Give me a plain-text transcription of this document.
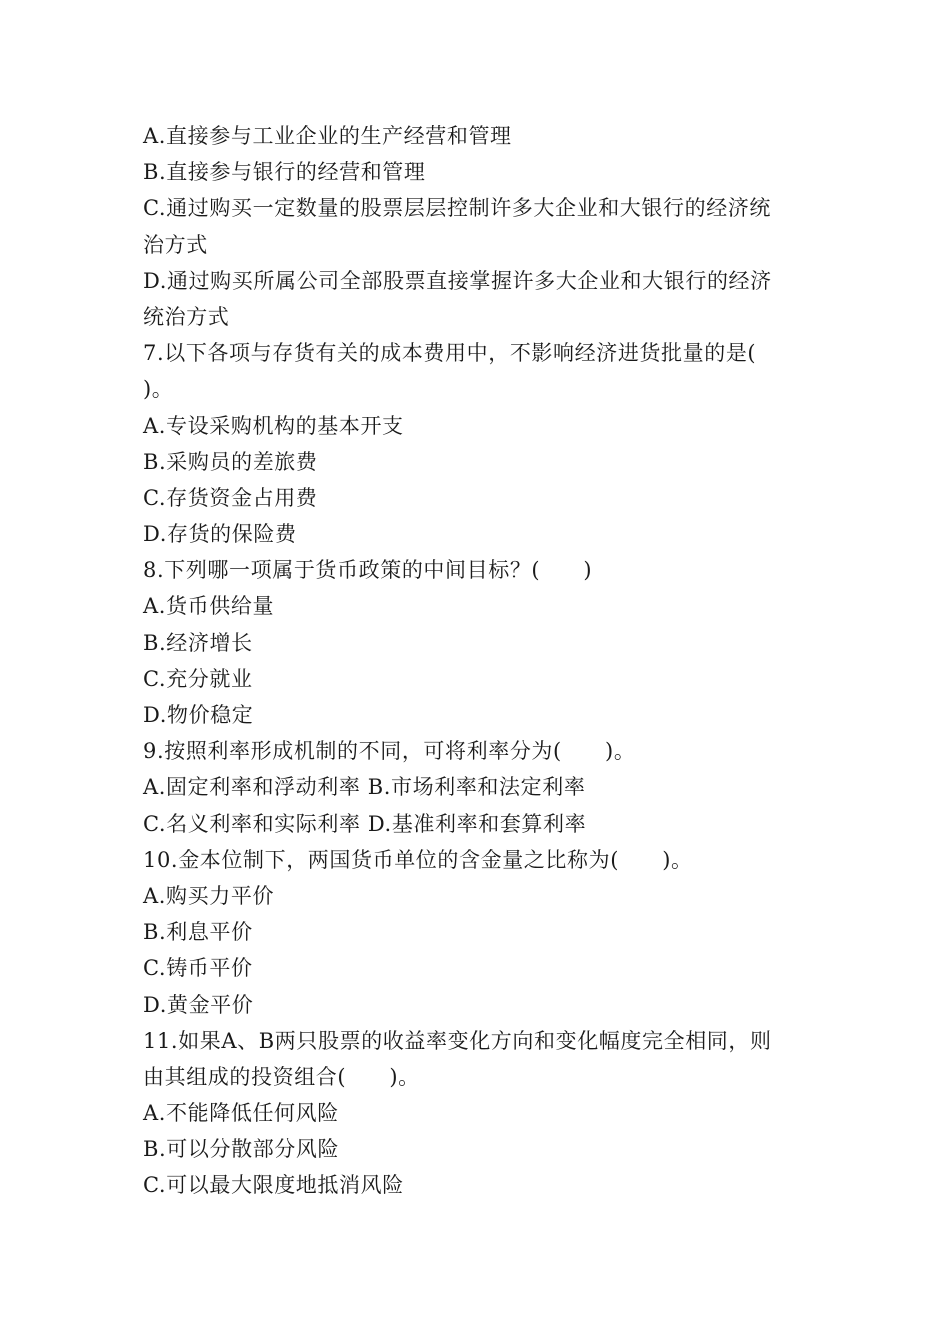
A.直接参与工业企业的生产经营和管理
B.直接参与银行的经营和管理
C.通过购买一定数量的股票层层控制许多大企业和大银行的经济统
治方式
D.通过购买所属公司全部股票直接掌握许多大企业和大银行的经济
统治方式
7.以下各项与存货有关的成本费用中，不影响经济进货批量的是(
)。
A.专设采购机构的基本开支
B.采购员的差旅费
C.存货资金占用费
D.存货的保险费
8.下列哪一项属于货币政策的中间目标？(　　)
A.货币供给量
B.经济增长
C.充分就业
D.物价稳定
9.按照利率形成机制的不同，可将利率分为(　　)。
A.固定利率和浮动利率 B.市场利率和法定利率
C.名义利率和实际利率 D.基准利率和套算利率
10.金本位制下，两国货币单位的含金量之比称为(　　)。
A.购买力平价
B.利息平价
C.铸币平价
D.黄金平价
11.如果A、B两只股票的收益率变化方向和变化幅度完全相同，则
由其组成的投资组合(　　)。
A.不能降低任何风险
B.可以分散部分风险
C.可以最大限度地抵消风险
